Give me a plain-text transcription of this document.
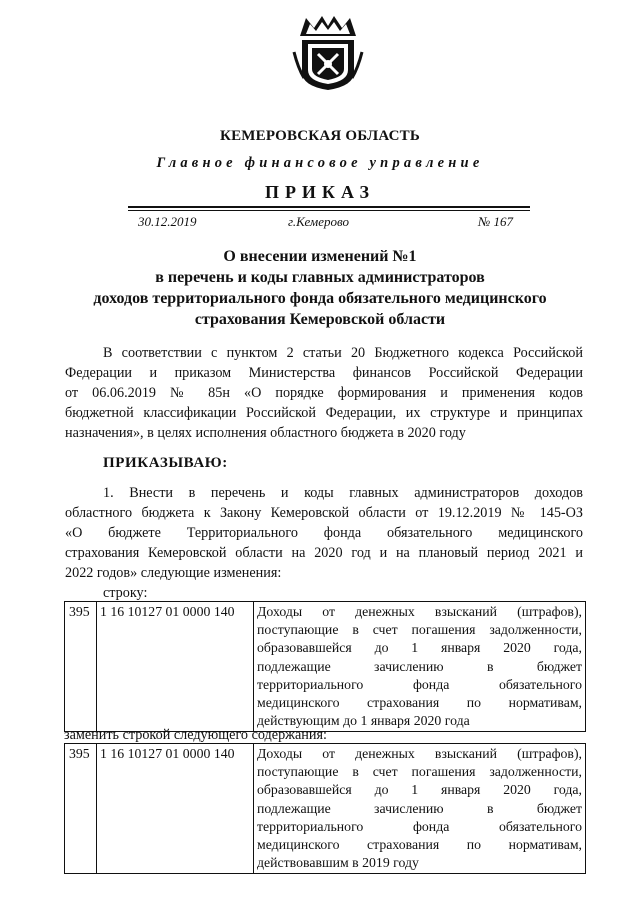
КЕМЕРОВСКАЯ ОБЛАСТЬ
Главное финансовое управление
ПРИКАЗ
30.12.2019	г.Кемерово	№ 167
О внесении изменений №1
в перечень и коды главных администраторов
доходов территориального фонда обязательного медицинского
страхования Кемеровской области
В соответствии с пунктом 2 статьи 20 Бюджетного кодекса Российской
Федерации и приказом Министерства финансов Российской Федерации
от 06.06.2019 № 85н «О порядке формирования и применения кодов
бюджетной классификации Российской Федерации, их структуре и принципах
назначения», в целях исполнения областного бюджета в 2020 году
ПРИКАЗЫВАЮ:
1. Внести в перечень и коды главных администраторов доходов
областного бюджета к Закону Кемеровской области от 19.12.2019 № 145-ОЗ
«О бюджете Территориального фонда обязательного медицинского
страхования Кемеровской области на 2020 год и на плановый период 2021 и
2022 годов» следующие изменения:
строку:
395	1 16 10127 01 0000 140	Доходы от денежных взысканий (штрафов),
поступающие в счет погашения задолженности,
образовавшейся до 1 января 2020 года,
подлежащие зачислению в бюджет
территориального фонда обязательного
медицинского страхования по нормативам,
действующим до 1 января 2020 года
заменить строкой следующего содержания:
395	1 16 10127 01 0000 140	Доходы от денежных взысканий (штрафов),
поступающие в счет погашения задолженности,
образовавшейся до 1 января 2020 года,
подлежащие зачислению в бюджет
территориального фонда обязательного
медицинского страхования по нормативам,
действовавшим в 2019 году
